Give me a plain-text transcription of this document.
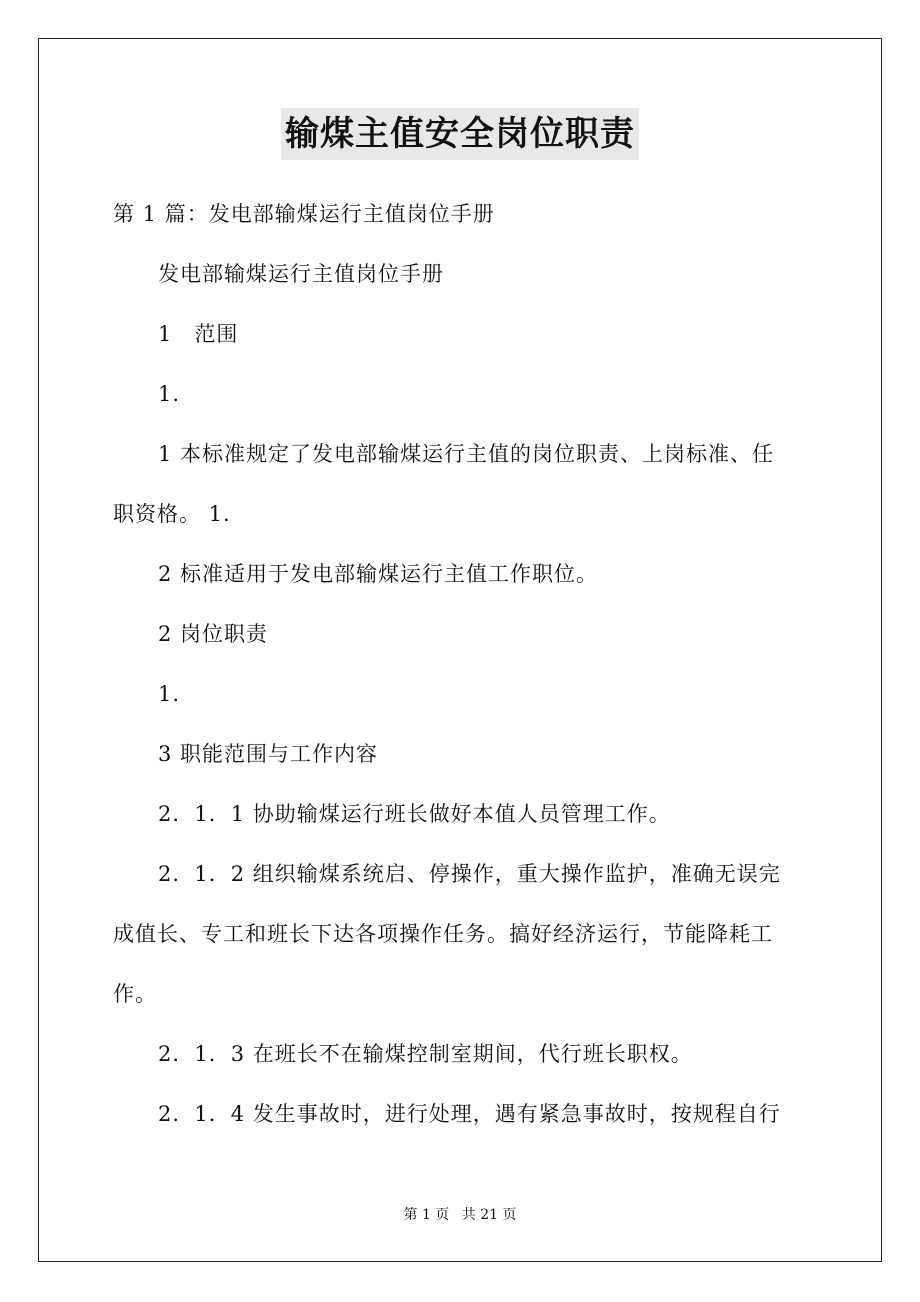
输煤主值安全岗位职责
第 1 篇：发电部输煤运行主值岗位手册
发电部输煤运行主值岗位手册
1　范围
1.
1 本标准规定了发电部输煤运行主值的岗位职责、上岗标准、任
职资格。 1.
2 标准适用于发电部输煤运行主值工作职位。
2 岗位职责
1.
3 职能范围与工作内容
2．1．1 协助输煤运行班长做好本值人员管理工作。
2．1．2 组织输煤系统启、停操作，重大操作监护，准确无误完
成值长、专工和班长下达各项操作任务。搞好经济运行，节能降耗工
作。
2．1．3 在班长不在输煤控制室期间，代行班长职权。
2．1．4 发生事故时，进行处理，遇有紧急事故时，按规程自行
第 1 页 共 21 页
